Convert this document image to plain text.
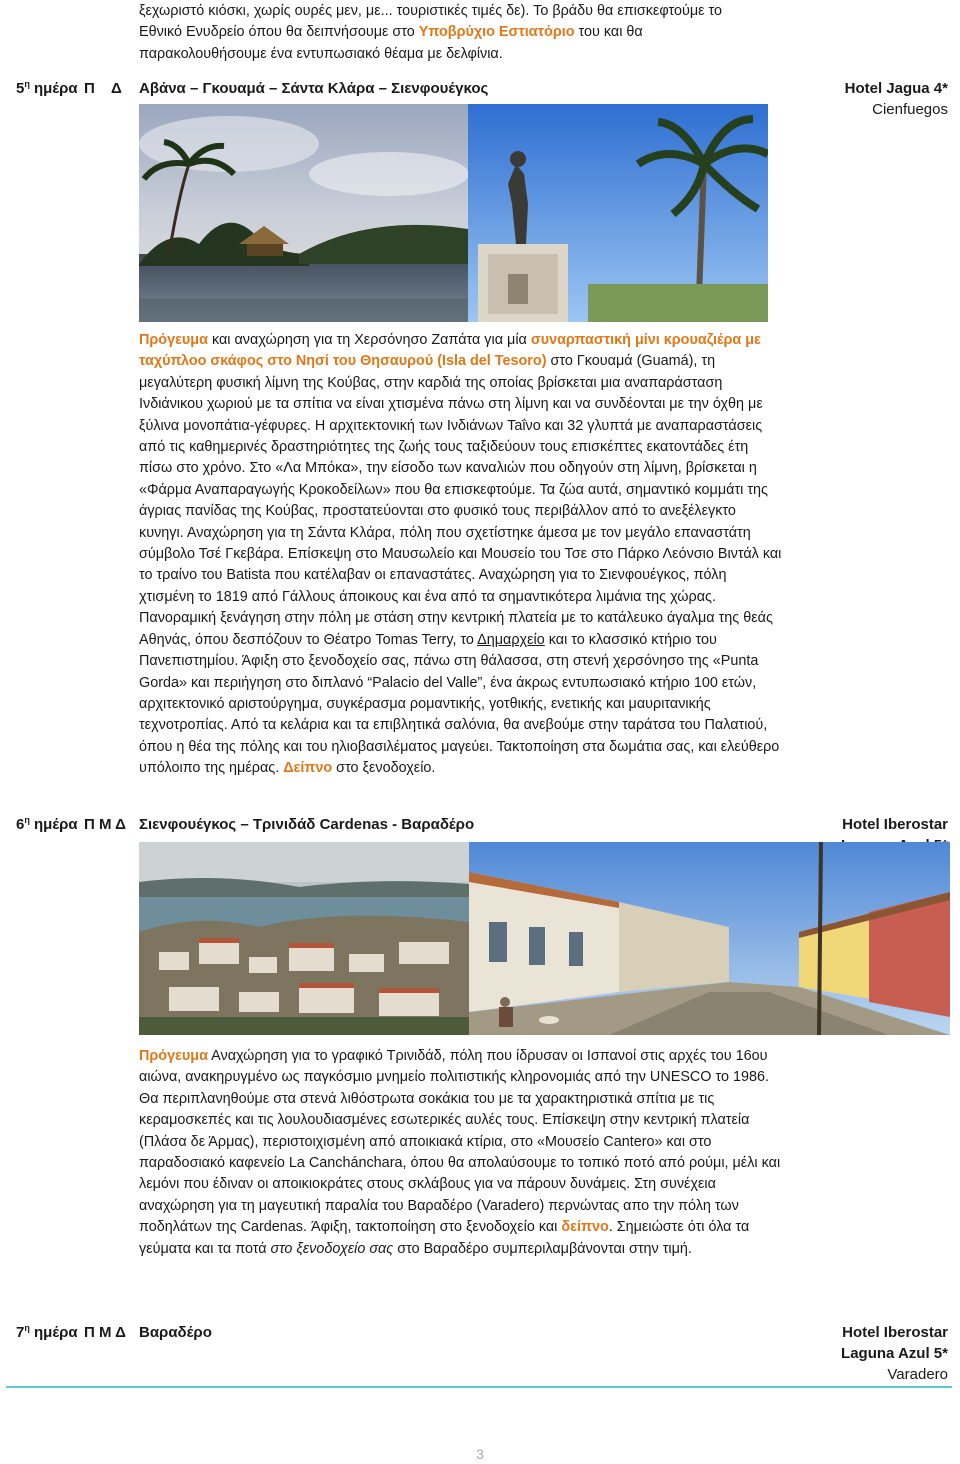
ξεχωριστό κιόσκι, χωρίς ουρές μεν, με... τουριστικές τιμές δε). Το βράδυ θα επισκεφτούμε το
Εθνικό Ενυδρείο όπου θα δειπνήσουμε στο Υποβρύχιο Εστιατόριο του και θα
παρακολουθήσουμε ένα εντυπωσιακό θέαμα με δελφίνια.
$5^\eta$ ημέρα Π    Δ Αβάνα – Γκουαμά – Σάντα Κλάρα – Σιενφουέγκος	Hotel Jagua 4*
Cienfuegos
Πρόγευμα και αναχώρηση για τη Χερσόνησο Ζαπάτα για μία συναρπαστική μίνι κρουαζιέρα με ταχύπλοο σκάφος στο Νησί του Θησαυρού (Isla del Tesoro) στο Γκουαμά (Guamá), τη μεγαλύτερη φυσική λίμνη της Κούβας, στην καρδιά της οποίας βρίσκεται μια αναπαράσταση Ινδιάνικου χωριού με τα σπίτια να είναι χτισμένα πάνω στη λίμνη και να συνδέονται με την όχθη με ξύλινα μονοπάτια-γέφυρες. Η αρχιτεκτονική των Ινδιάνων Taΐνο και 32 γλυπτά με αναπαραστάσεις από τις καθημερινές δραστηριότητες της ζωής τους ταξιδεύουν τους επισκέπτες εκατοντάδες έτη πίσω στο χρόνο. Στο «Λα Μπόκα», την είσοδο των καναλιών που οδηγούν στη λίμνη, βρίσκεται η «Φάρμα Αναπαραγωγής Κροκοδείλων» που θα επισκεφτούμε. Τα ζώα αυτά, σημαντικό κομμάτι της άγριας πανίδας της Κούβας, προστατεύονται στο φυσικό τους περιβάλλον από το ανεξέλεγκτο κυνηγι. Αναχώρηση για τη Σάντα Κλάρα, πόλη που σχετίστηκε άμεσα με τον μεγάλο επαναστάτη σύμβολο Τσέ Γκεβάρα. Επίσκεψη στο Μαυσωλείο και Μουσείο του Τσε στο Πάρκο Λεόνσιο Βιντάλ και το τραίνο του Batista που κατέλαβαν οι επαναστάτες. Αναχώρηση για το Σιενφουέγκος, πόλη χτισμένη το 1819 από Γάλλους άποικους και ένα από τα σημαντικότερα λιμάνια της χώρας. Πανοραμική ξενάγηση στην πόλη με στάση στην κεντρική πλατεία με το κατάλευκο άγαλμα της θεάς Αθηνάς, όπου δεσπόζουν το Θέατρο Tomas Terry, το Δημαρχείο και το κλασσικό κτήριο του Πανεπιστημίου. Άφιξη στο ξενοδοχείο σας, πάνω στη θάλασσα, στη στενή χερσόνησο της «Punta Gorda» και περιήγηση στο διπλανό “Palacio del Valle”, ένα άκρως εντυπωσιακό κτήριο 100 ετών, αρχιτεκτονικό αριστούργημα, συγκέρασμα ρομαντικής, γοτθικής, ενετικής και μαυριτανικής τεχνοτροπίας. Από τα κελάρια και τα επιβλητικά σαλόνια, θα ανεβούμε στην ταράτσα του Παλατιού, όπου η θέα της πόλης και του ηλιοβασιλέματος μαγεύει. Τακτοποίηση στα δωμάτια σας, και ελεύθερο υπόλοιπο της ημέρας. Δείπνο στο ξενοδοχείο.
$6^\eta$ ημέρα Π Μ Δ Σιενφουέγκος – Τρινιδάδ Cardenas - Βαραδέρο	Hotel Iberostar
Πρόγευμα Αναχώρηση για το γραφικό Τρινιδάδ, πόλη που ίδρυσαν οι Ισπανοί στις αρχές του 16ου αιώνα, ανακηρυγμένο ως παγκόσμιο μνημείο πολιτιστικής κληρονομιάς από την UNESCO το 1986. Θα περιπλανηθούμε στα στενά λιθόστρωτα σοκάκια του με τα χαρακτηριστικά σπίτια με τις κεραμοσκεπές και τις λουλουδιασμένες εσωτερικές αυλές τους. Επίσκεψη στην κεντρική πλατεία (Πλάσα δε Άρμας), περιστοιχισμένη από αποικιακά κτίρια, στο «Μουσείο Cantero» και στο παραδοσιακό καφενείο La Canchánchara, όπου θα απολαύσουμε το τοπικό ποτό από ρούμι, μέλι και λεμόνι που έδιναν οι αποικιοκράτες στους σκλάβους για να πάρουν δυνάμεις. Στη συνέχεια αναχώρηση για τη μαγευτική παραλία του Βαραδέρο (Varadero) περνώντας απο την πόλη των ποδηλάτων της Cardenas. Άφιξη, τακτοποίηση στο ξενοδοχείο και δείπνο. Σημειώστε ότι όλα τα γεύματα και τα ποτά στο ξενοδοχείο σας στο Βαραδέρο συμπεριλαμβάνονται στην τιμή.
$7^\eta$ ημέρα Π Μ Δ Βαραδέρο	Hotel Iberostar
Laguna Azul 5*
Varadero
3
